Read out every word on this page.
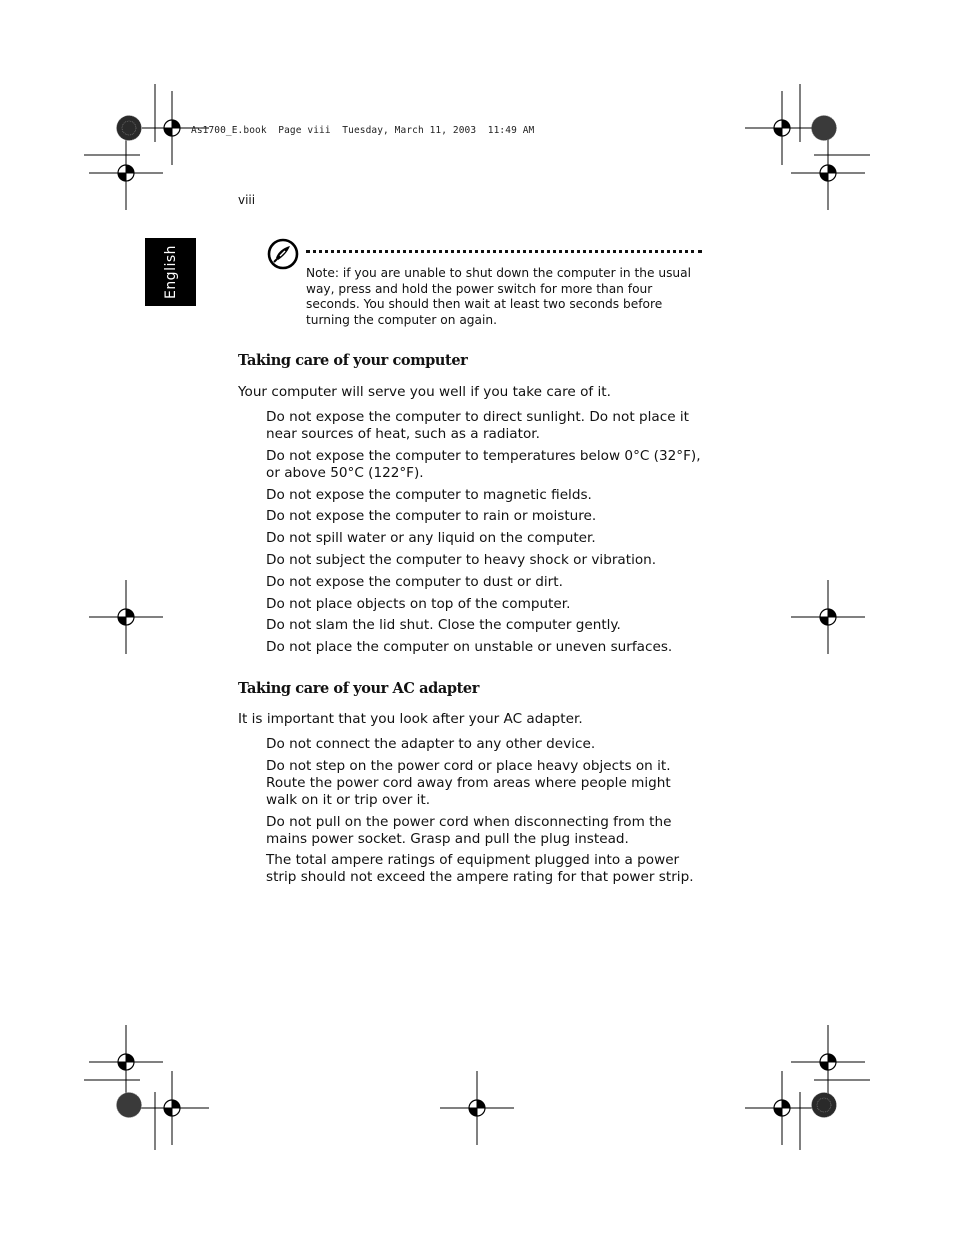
As1700_E.book  Page viii  Tuesday, March 11, 2003  11:49 AM
viii
English	Note: if you are unable to shut down the computer in the usual way, press and hold the power switch for more than four seconds. You should then wait at least two seconds before turning the computer on again.
Taking care of your computer
Your computer will serve you well if you take care of it.
Do not expose the computer to direct sunlight. Do not place it near sources of heat, such as a radiator.
Do not expose the computer to temperatures below 0°C (32°F), or above 50°C (122°F).
Do not expose the computer to magnetic fields.
Do not expose the computer to rain or moisture.
Do not spill water or any liquid on the computer.
Do not subject the computer to heavy shock or vibration.
Do not expose the computer to dust or dirt.
Do not place objects on top of the computer.
Do not slam the lid shut. Close the computer gently.
Do not place the computer on unstable or uneven surfaces.
Taking care of your AC adapter
It is important that you look after your AC adapter.
Do not connect the adapter to any other device.
Do not step on the power cord or place heavy objects on it. Route the power cord away from areas where people might walk on it or trip over it.
Do not pull on the power cord when disconnecting from the mains power socket. Grasp and pull the plug instead.
The total ampere ratings of equipment plugged into a power strip should not exceed the ampere rating for that power strip.
